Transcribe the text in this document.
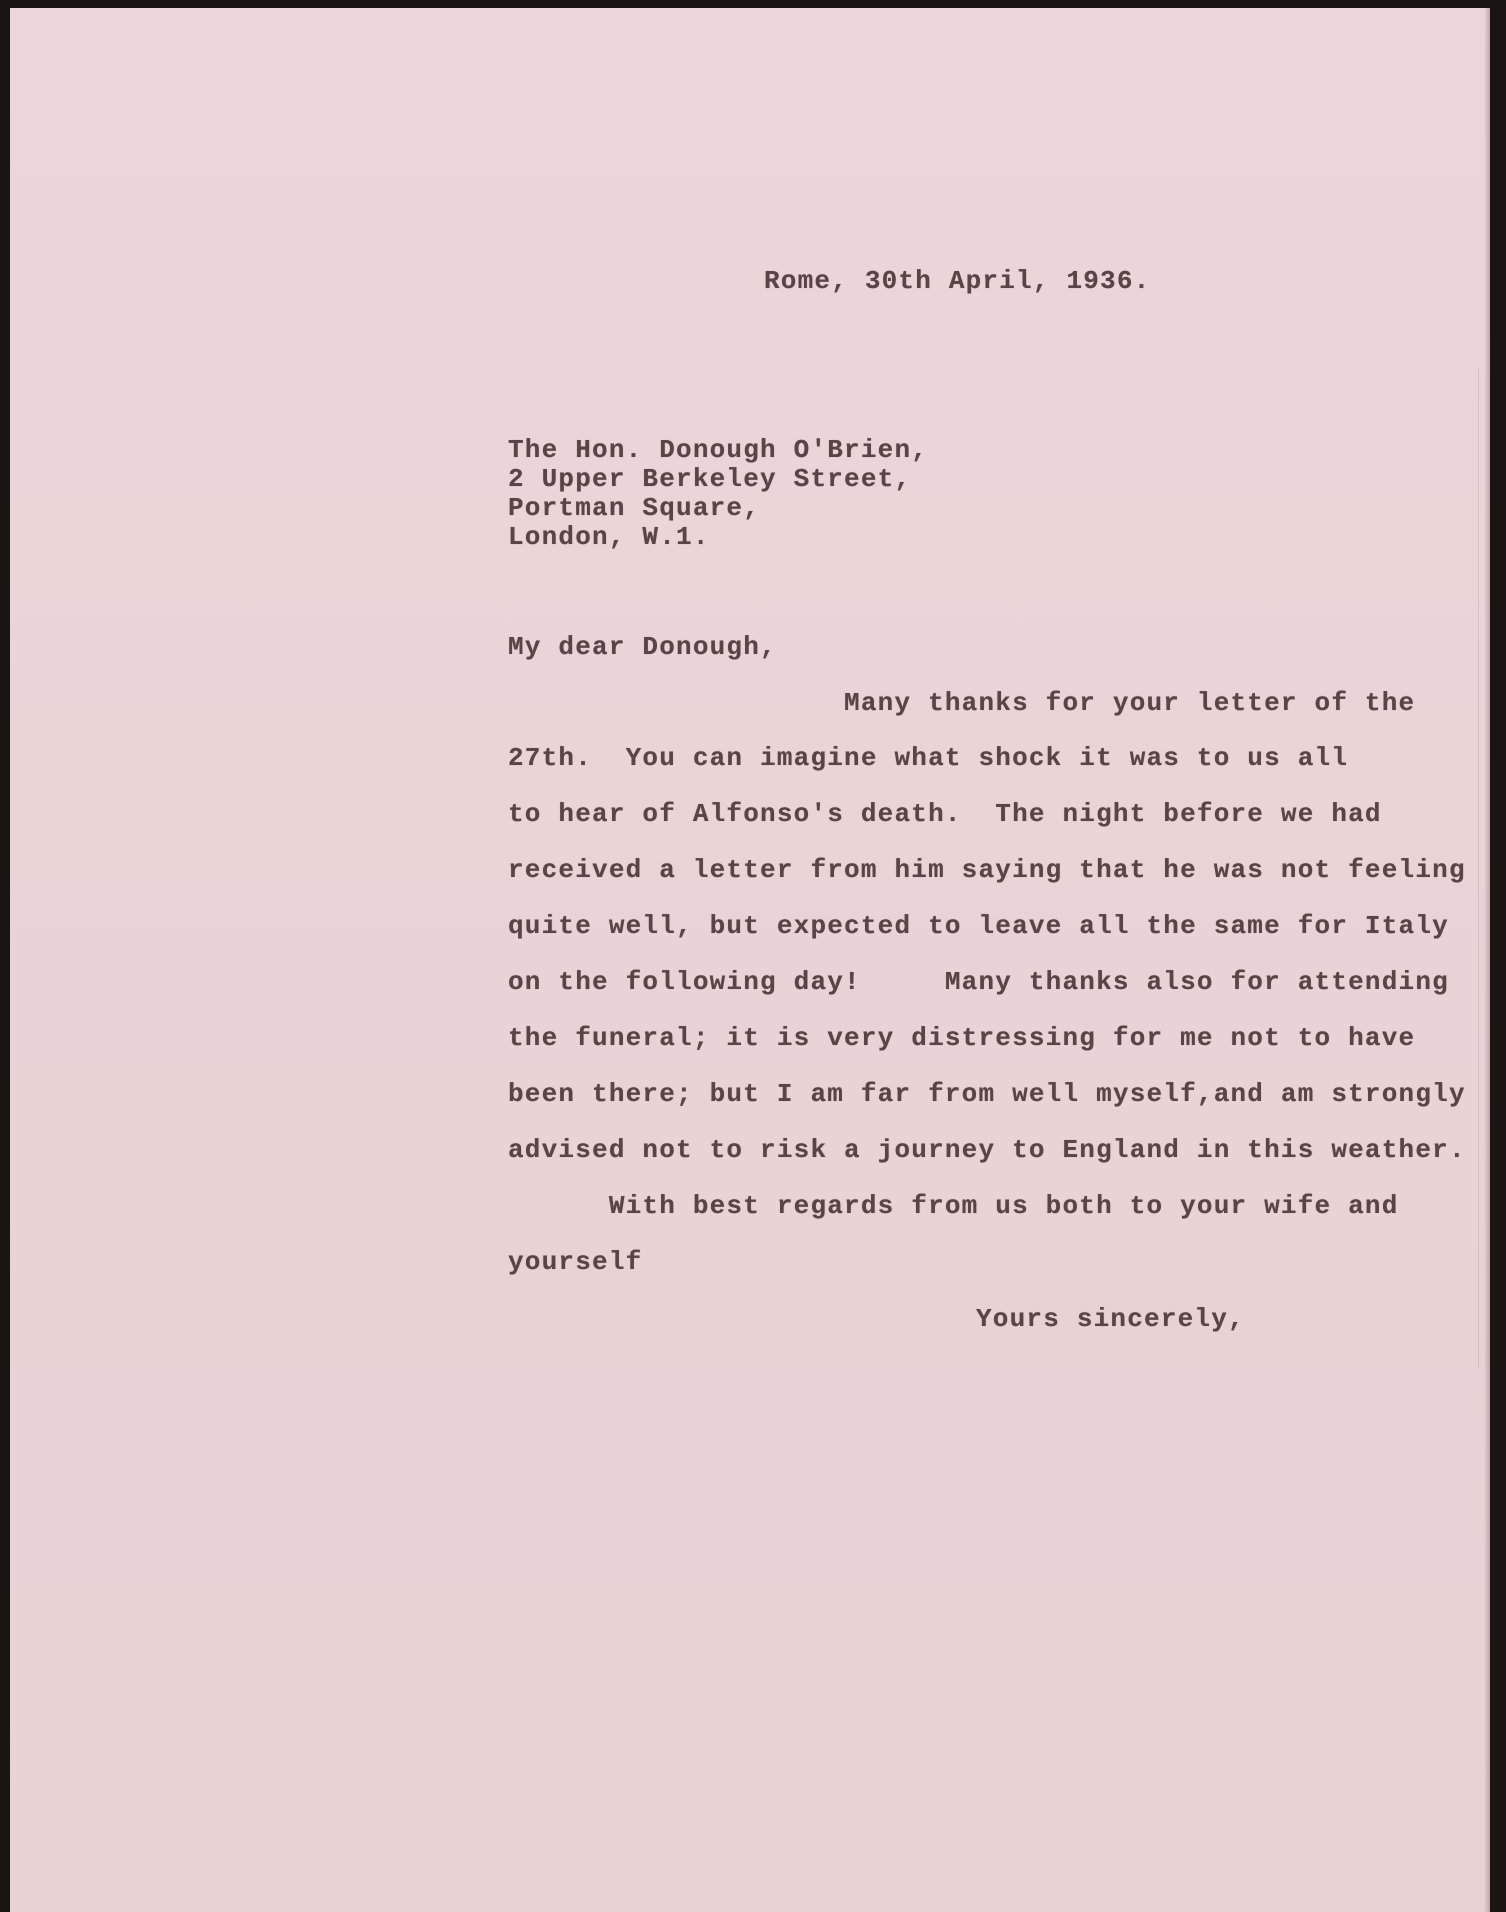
Rome, 30th April, 1936.
The Hon. Donough O'Brien,
2 Upper Berkeley Street,
Portman Square,
London, W.1.
My dear Donough,
Many thanks for your letter of the
27th.  You can imagine what shock it was to us all
to hear of Alfonso's death.  The night before we had
received a letter from him saying that he was not feeling
quite well, but expected to leave all the same for Italy
on the following day!     Many thanks also for attending
the funeral; it is very distressing for me not to have
been there; but I am far from well myself,and am strongly
advised not to risk a journey to England in this weather.
With best regards from us both to your wife and
yourself
Yours sincerely,
